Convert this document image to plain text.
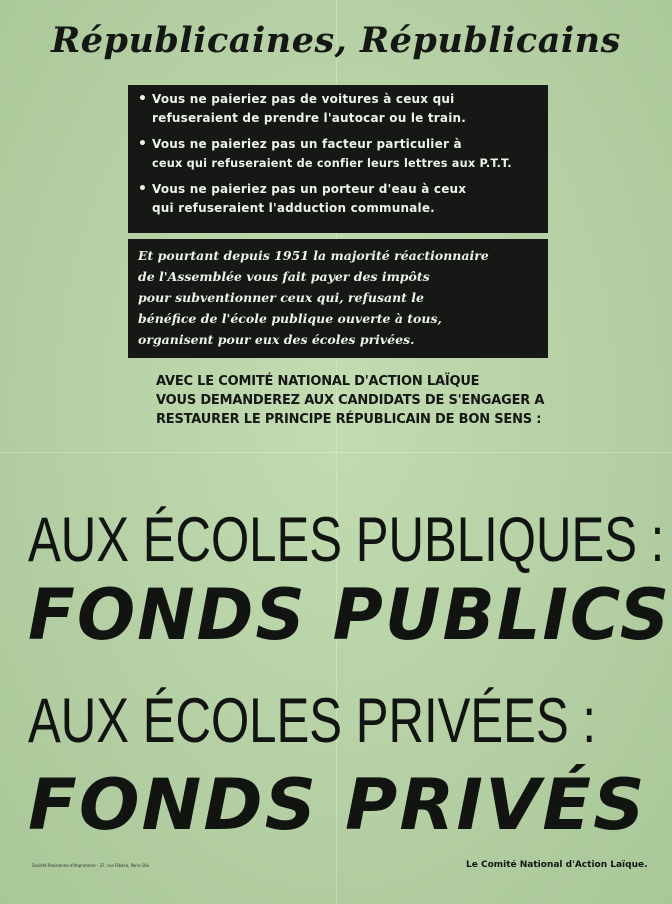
Républicaines, Républicains
• Vous ne paieriez pas de voitures à ceux qui
refuseraient de prendre l'autocar ou le train.
• Vous ne paieriez pas un facteur particulier à
ceux qui refuseraient de confier leurs lettres aux P.T.T.
• Vous ne paieriez pas un porteur d'eau à ceux
qui refuseraient l'adduction communale.

Et pourtant depuis 1951 la majorité réactionnaire

de l'Assemblée vous fait payer des impôts

pour subventionner ceux qui, refusant le

bénéfice de l'école publique ouverte à tous,

organisent pour eux des écoles privées.

AVEC LE COMITÉ NATIONAL D'ACTION LAÏQUE
VOUS DEMANDEREZ AUX CANDIDATS DE S'ENGAGER A
RESTAURER LE PRINCIPE RÉPUBLICAIN DE BON SENS :
AUX ÉCOLES PUBLIQUES :
FONDS PUBLICS
AUX ÉCOLES PRIVÉES :
FONDS PRIVÉS
Société Parisienne d'Imprimerie - 37, rue Ribéra, Paris-16e	Le Comité National d'Action Laïque.
